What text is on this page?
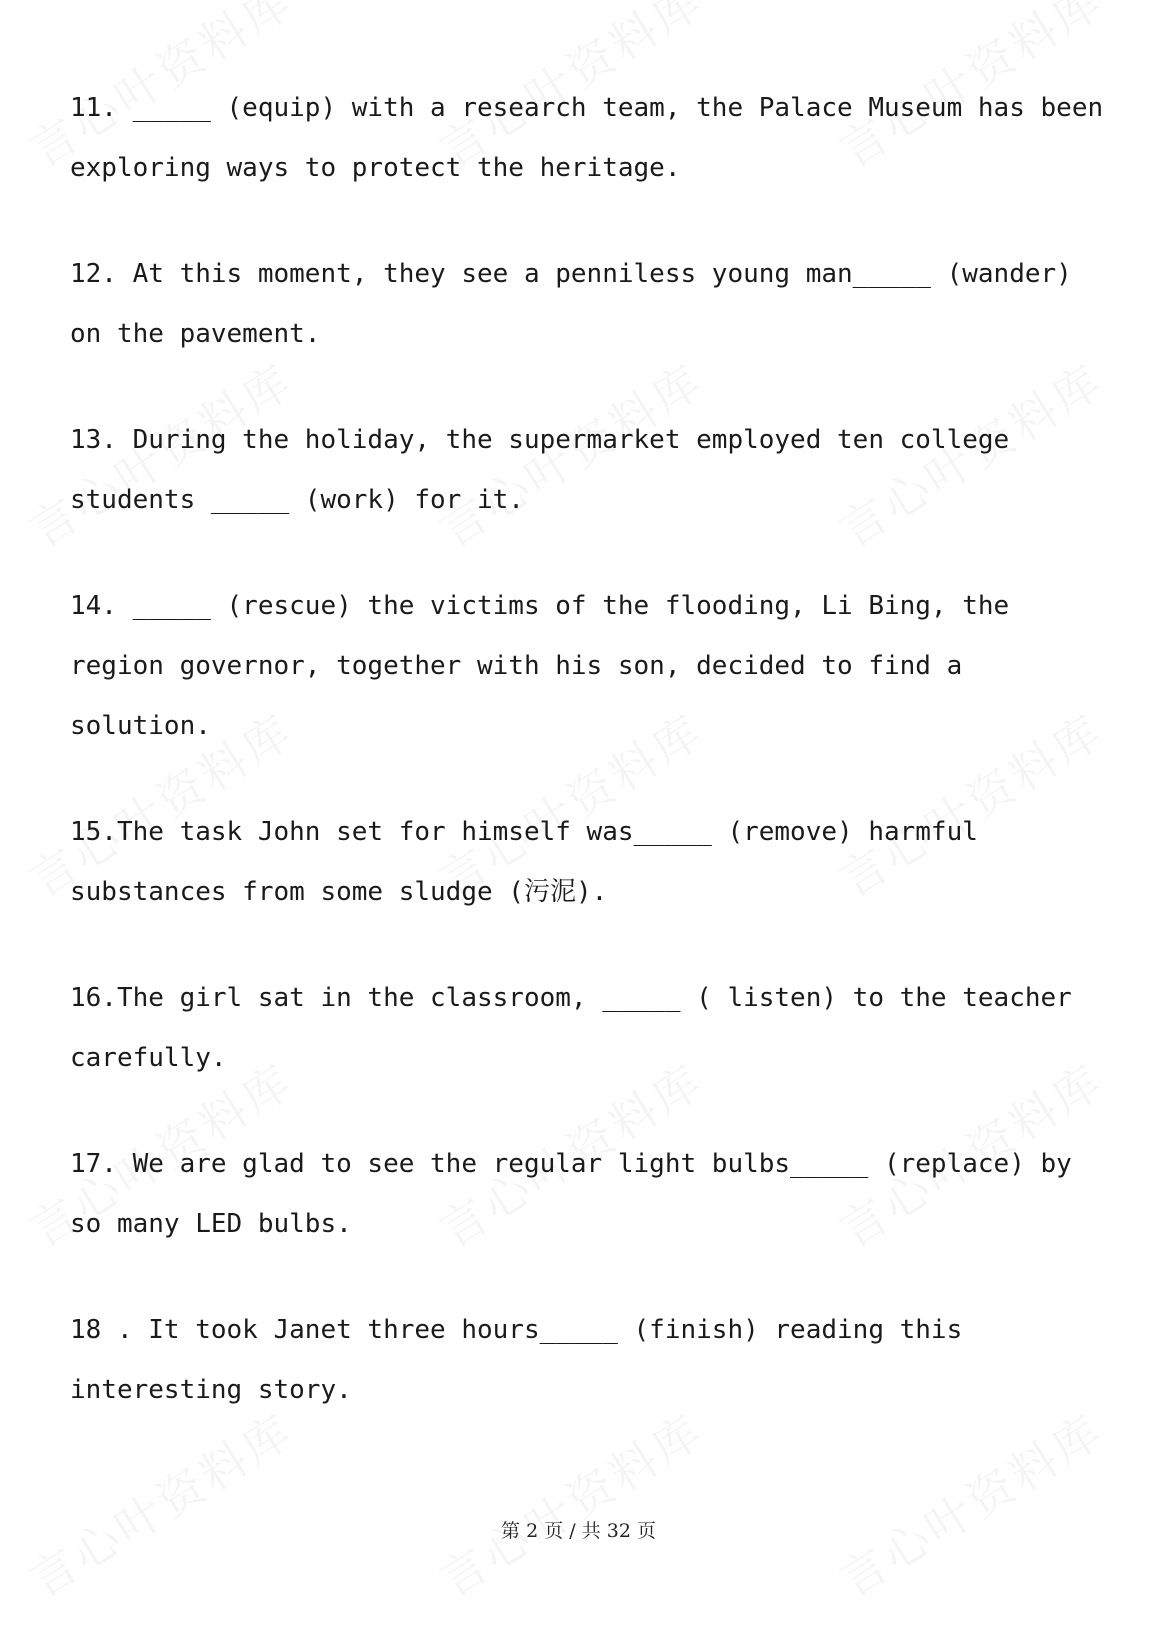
11. _____ (equip) with a research team, the Palace Museum has been
exploring ways to protect the heritage.
12. At this moment, they see a penniless young man_____ (wander)
on the pavement.
13. During the holiday, the supermarket employed ten college
students _____ (work) for it.
14. _____ (rescue) the victims of the flooding, Li Bing, the
region governor, together with his son, decided to find a
solution.
15.The task John set for himself was_____ (remove) harmful
substances from some sludge (污泥).
16.The girl sat in the classroom, _____ ( listen) to the teacher
carefully.
17. We are glad to see the regular light bulbs_____ (replace) by
so many LED bulbs.
18 . It took Janet three hours_____ (finish) reading this
interesting story.
第 2 页 / 共 32 页
